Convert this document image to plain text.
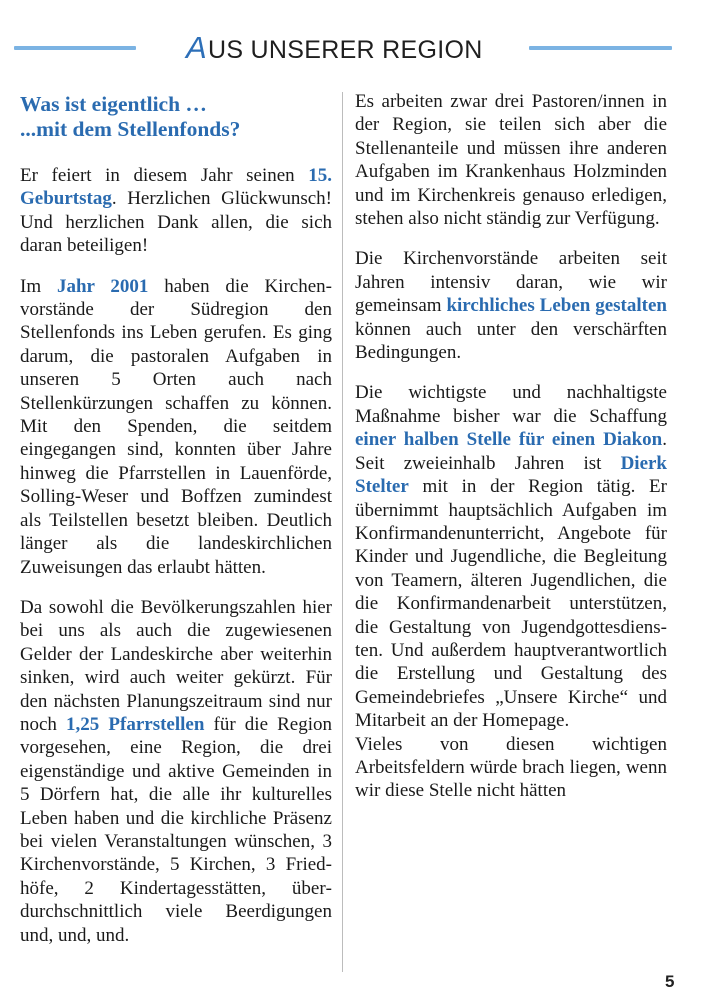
AUS UNSERER REGION
Was ist eigentlich …
...mit dem Stellenfonds?

Er feiert in diesem Jahr seinen 15. Geburtstag. Herzlichen Glückwunsch! Und herzlichen Dank allen, die sich daran beteiligen!

Im Jahr 2001 haben die Kirchenvorstände der Südregion den Stellenfonds ins Leben gerufen. Es ging darum, die pastoralen Aufgaben in unseren 5 Orten auch nach Stellenkürzungen schaffen zu können. Mit den Spenden, die seitdem eingegangen sind, konnten über Jahre hinweg die Pfarrstellen in Lauenförde, Solling-Weser und Boffzen zumindest als Teilstellen besetzt bleiben. Deutlich länger als die landeskirchlichen Zuweisungen das erlaubt hätten.

Da sowohl die Bevölkerungszahlen hier bei uns als auch die zugewiesenen Gelder der Landeskirche aber weiterhin sinken, wird auch weiter gekürzt. Für den nächsten Planungszeitraum sind nur noch 1,25 Pfarrstellen für die Region vorgesehen, eine Region, die drei eigenständige und aktive Gemeinden in 5 Dörfern hat, die alle ihr kulturelles Leben haben und die kirchliche Präsenz bei vielen Veranstaltungen wünschen, 3 Kirchenvorstände, 5 Kirchen, 3 Friedhöfe, 2 Kindertagesstätten, überdurchschnittlich viele Beerdigungen und, und, und.

Es arbeiten zwar drei Pastoren/innen in der Region, sie teilen sich aber die Stellenanteile und müssen ihre anderen Aufgaben im Krankenhaus Holzminden und im Kirchenkreis genauso erledigen, stehen also nicht ständig zur Verfügung.

Die Kirchenvorstände arbeiten seit Jahren intensiv daran, wie wir gemeinsam kirchliches Leben gestalten können auch unter den verschärften Bedingungen.

Die wichtigste und nachhaltigste Maßnahme bisher war die Schaffung einer halben Stelle für einen Diakon. Seit zweieinhalb Jahren ist Dierk Stelter mit in der Region tätig. Er übernimmt hauptsächlich Aufgaben im Konfirmandenunterricht, Angebote für Kinder und Jugendliche, die Begleitung von Teamern, älteren Jugendlichen, die die Konfirmandenarbeit unterstützen, die Gestaltung von Jugendgottesdiensten. Und außerdem hauptverantwortlich die Erstellung und Gestaltung des Gemeindebriefes „Unsere Kirche“ und Mitarbeit an der Homepage.

Vieles von diesen wichtigen Arbeitsfeldern würde brach liegen, wenn wir diese Stelle nicht hätten

5
